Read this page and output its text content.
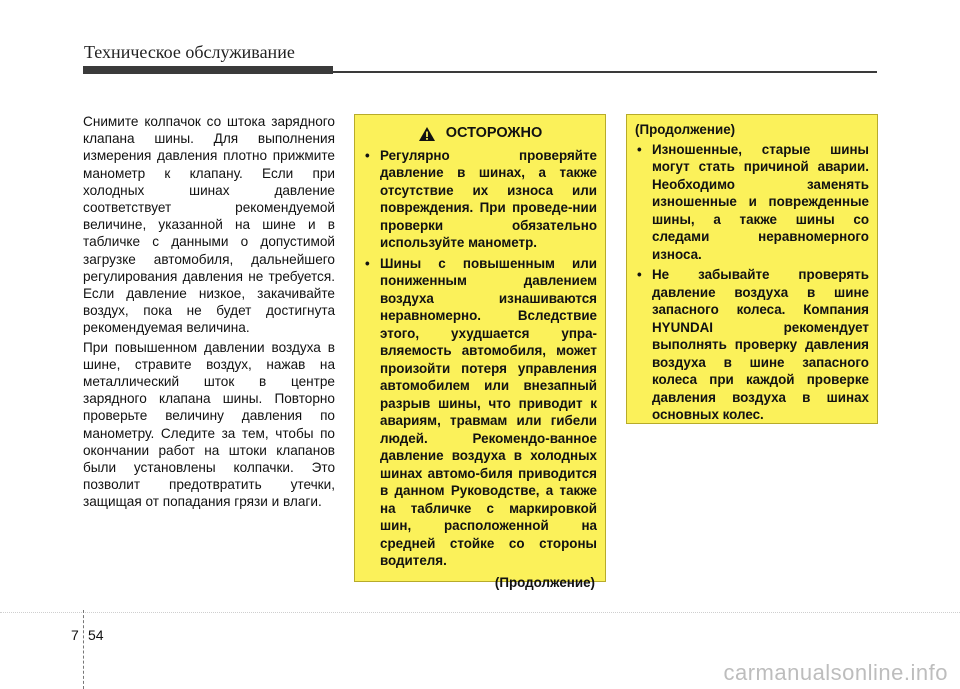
Техническое обслуживание

Снимите колпачок со штока зарядного клапана шины. Для выполнения измерения давления плотно прижмите манометр к клапану. Если при холодных шинах давление соответствует рекомендуемой величине, указанной на шине и в табличке с данными о допустимой загрузке автомобиля, дальнейшего регулирования давления не требуется. Если давление низкое, закачивайте воздух, пока не будет достигнута рекомендуемая величина.

При повышенном давлении воздуха в шине, стравите воздух, нажав на металлический шток в центре зарядного клапана шины. Повторно проверьте величину давления по манометру. Следите за тем, чтобы по окончании работ на штоки клапанов были установлены колпачки. Это позволит предотвратить утечки, защищая от попадания грязи и влаги.

ОСТОРОЖНО
• Регулярно проверяйте давление в шинах, а также отсутствие их износа или повреждения. При проведе-нии проверки обязательно используйте манометр.
• Шины с повышенным или пониженным давлением воздуха изнашиваются неравномерно. Вследствие этого, ухудшается упра-вляемость автомобиля, может произойти потеря управления автомобилем или внезапный разрыв шины, что приводит к авариям, травмам или гибели людей. Рекомендо-ванное давление воздуха в холодных шинах автомо-биля приводится в данном Руководстве, а также на табличке с маркировкой шин, расположенной на средней стойке со стороны водителя.
(Продолжение)
(Продолжение)
• Изношенные, старые шины могут стать причиной аварии. Необходимо заменять изношенные и поврежденные шины, а также шины со следами неравномерного износа.
• Не забывайте проверять давление воздуха в шине запасного колеса. Компания HYUNDAI рекомендует выполнять проверку давления воздуха в шине запасного колеса при каждой проверке давления воздуха в шинах основных колес.
7 54
carmanualsonline.info
